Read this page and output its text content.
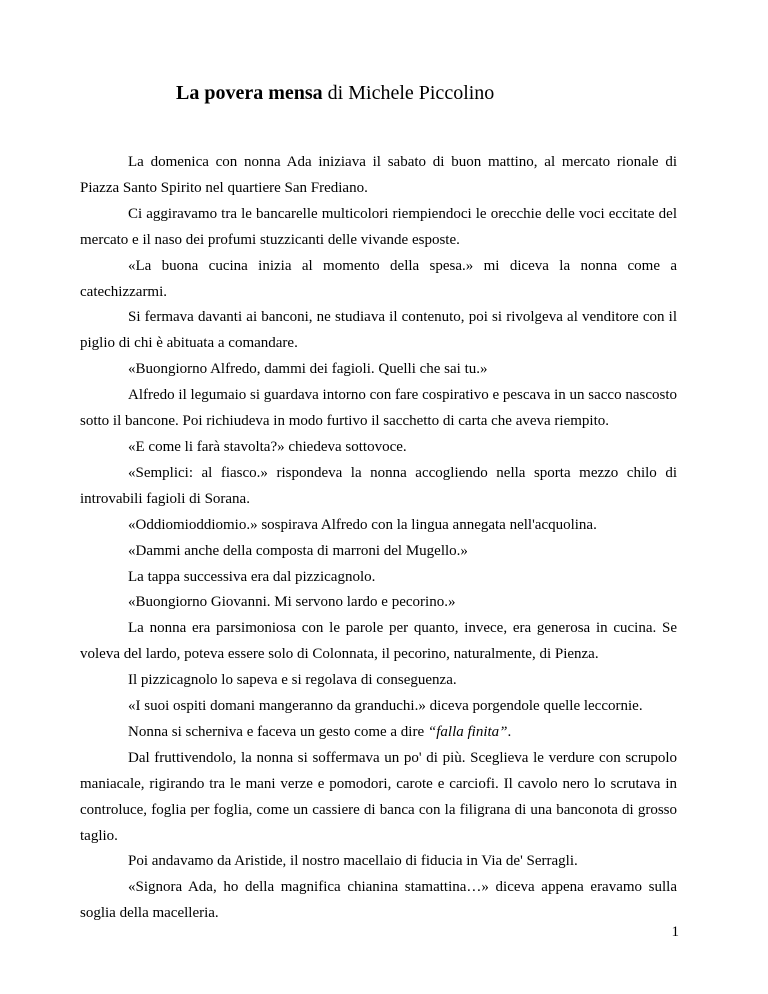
La povera mensa di Michele Piccolino

La domenica con nonna Ada iniziava il sabato di buon mattino, al mercato rionale di Piazza Santo Spirito nel quartiere San Frediano.

Ci aggiravamo tra le bancarelle multicolori riempiendoci le orecchie delle voci eccitate del mercato e il naso dei profumi stuzzicanti delle vivande esposte.

«La buona cucina inizia al momento della spesa.» mi diceva la nonna come a catechizzarmi.

Si fermava davanti ai banconi, ne studiava il contenuto, poi si rivolgeva al venditore con il piglio di chi è abituata a comandare.

«Buongiorno Alfredo, dammi dei fagioli. Quelli che sai tu.»

Alfredo il legumaio si guardava intorno con fare cospirativo e pescava in un sacco nascosto sotto il bancone. Poi richiudeva in modo furtivo il sacchetto di carta che aveva riempito.

«E come li farà stavolta?» chiedeva sottovoce.

«Semplici: al fiasco.» rispondeva la nonna accogliendo nella sporta mezzo chilo di introvabili fagioli di Sorana.

«Oddiomioddiomio.» sospirava Alfredo con la lingua annegata nell'acquolina.

«Dammi anche della composta di marroni del Mugello.»

La tappa successiva era dal pizzicagnolo.

«Buongiorno Giovanni. Mi servono lardo e pecorino.»

La nonna era parsimoniosa con le parole per quanto, invece, era generosa in cucina. Se voleva del lardo, poteva essere solo di Colonnata, il pecorino, naturalmente, di Pienza.

Il pizzicagnolo lo sapeva e si regolava di conseguenza.

«I suoi ospiti domani mangeranno da granduchi.» diceva porgendole quelle leccornie.

Nonna si scherniva e faceva un gesto come a dire “falla finita”.

Dal fruttivendolo, la nonna si soffermava un po' di più. Sceglieva le verdure con scrupolo maniacale, rigirando tra le mani verze e pomodori, carote e carciofi. Il cavolo nero lo scrutava in controluce, foglia per foglia, come un cassiere di banca con la filigrana di una banconota di grosso taglio.

Poi andavamo da Aristide, il nostro macellaio di fiducia in Via de' Serragli.

«Signora Ada, ho della magnifica chianina stamattina…» diceva appena eravamo sulla soglia della macelleria.

1
